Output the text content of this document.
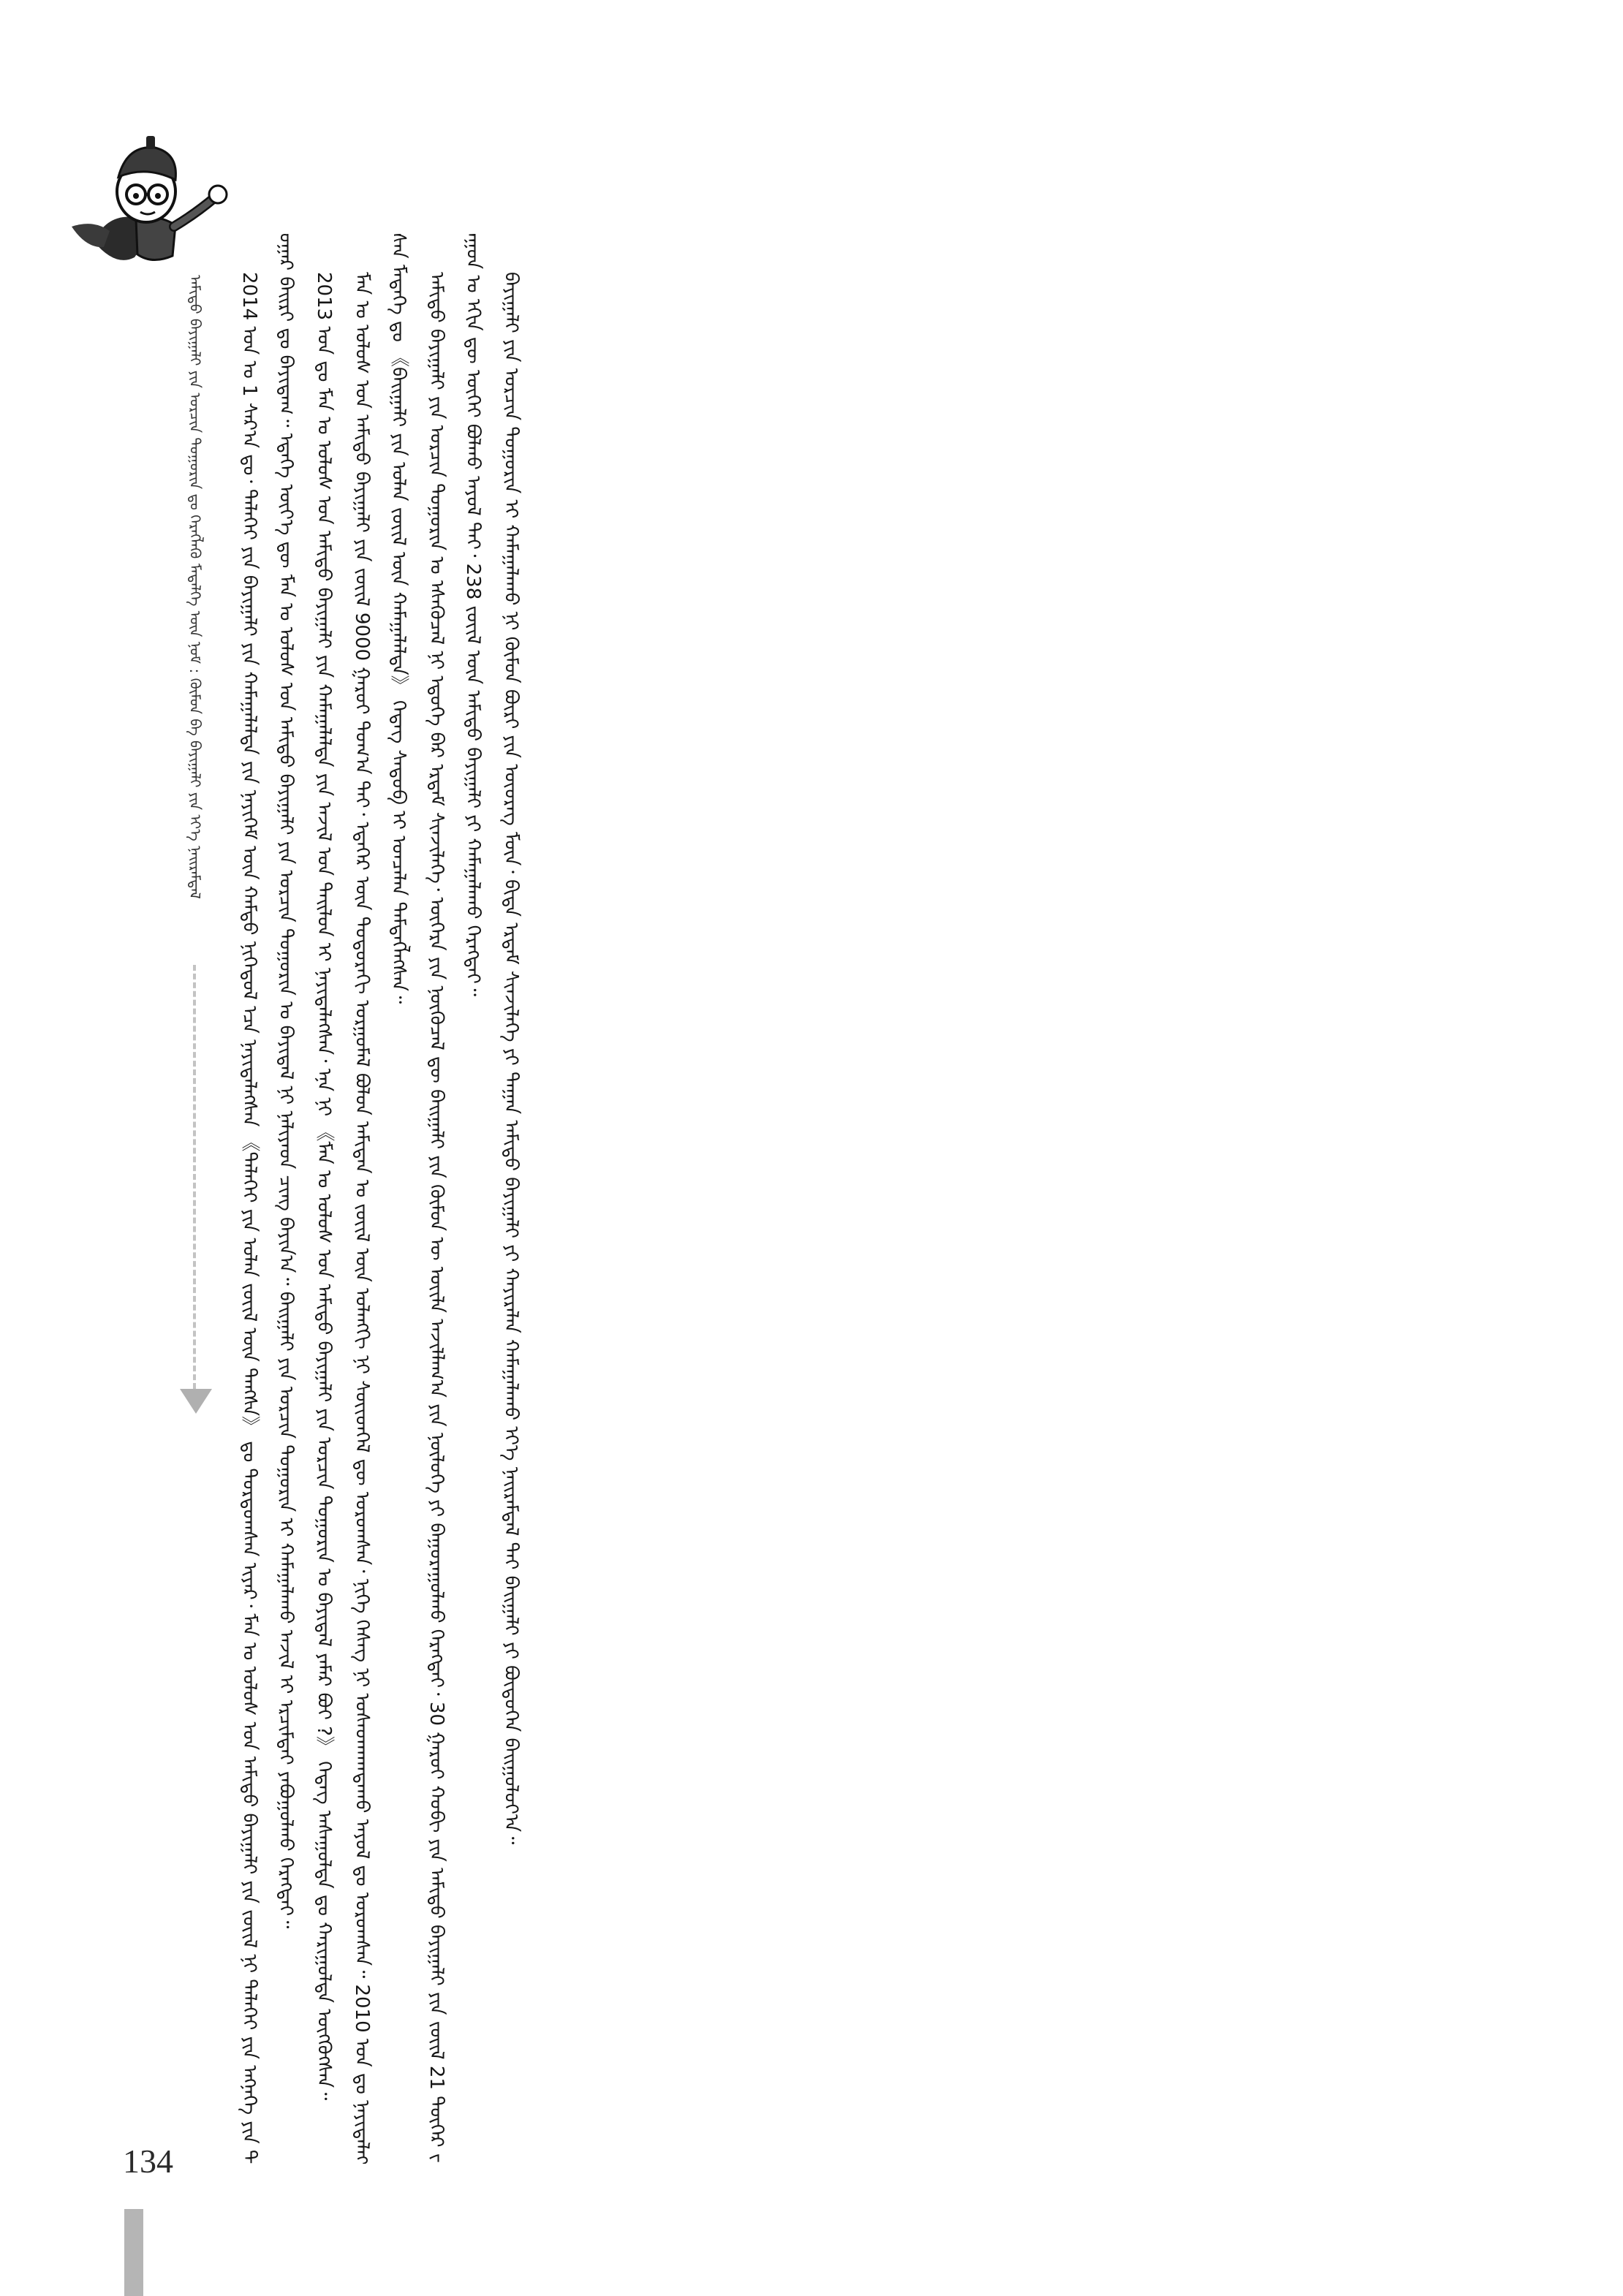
134
ᠠᠮᠢᠳᠤ ᠪᠠᠶᠢᠭᠠᠯᠢ ᠶᠢᠨ ᠣᠷᠴᠢᠨ ᠲᠣᠭᠣᠷᠢᠨ ᠳᠤ ᠬᠡᠷᠡᠭᠯᠡᠬᠦ ᠮᠡᠳᠡᠯᠭᠡ ᠦᠨ ᠨᠣᠮ : ᠬᠦᠮᠦᠨ ᠪᠠ ᠪᠠᠶᠢᠭᠠᠯᠢ ᠶᠢᠨ ᠡᠶ᠎ᠡ ᠨᠠᠢᠷᠠᠮᠳᠠᠯ	2014 ᠣᠨ ᠤ 1 ᠰᠠᠷ᠎ᠠ ᠳᠤ᠂ ᠳᠡᠯᠡᠬᠡᠢ ᠶᠢᠨ ᠪᠠᠶᠢᠭᠠᠯᠢ ᠶᠢᠨ ᠬᠠᠮᠠᠭᠠᠯᠠᠯᠲᠠ ᠶᠢᠨ ᠨᠡᠶᠢᠭᠡᠮ ᠦᠨ ᠬᠠᠮᠲᠤ ᠨᠢᠭᠡᠳᠦᠯ ᠡᠴᠡ ᠨᠡᠶᠢᠲᠡᠯᠡᠭᠰᠡᠨ 《ᠳᠡᠯᠡᠬᠡᠢ ᠶᠢᠨ ᠤᠯᠠᠨ ᠵᠦᠢᠯ ᠦᠨ ᠳᠠᠩᠰᠠ》 ᠳᠤ ᠳᠤᠷᠳᠤᠭᠰᠠᠨ ᠢᠶᠡᠷ᠂ ᠮᠠᠨ ᠤ ᠤᠯᠤᠰ ᠤᠨ ᠠᠮᠢᠳᠤ ᠪᠠᠶᠢᠭᠠᠯᠢ ᠶᠢᠨ ᠵᠦᠢᠯ ᠨᠢ ᠳᠡᠯᠡᠬᠡᠢ ᠶᠢᠨ ᠡᠩᠨᠡᠭᠡ ᠶᠢᠨ ᠳᠤᠭᠠᠷ ᠪᠠᠢᠷᠢ ᠳᠤ ᠪᠠᠶᠢᠳᠠᠭ᠃ ᠡᠳᠡᠭᠡ ᠦᠶ᠎ᠡ ᠳᠦ ᠮᠠᠨ ᠤ ᠤᠯᠤᠰ ᠤᠨ ᠠᠮᠢᠳᠤ ᠪᠠᠶᠢᠭᠠᠯᠢ ᠶᠢᠨ ᠣᠷᠴᠢᠨ ᠲᠣᠭᠣᠷᠢᠨ ᠤ ᠪᠠᠶᠢᠳᠠᠯ ᠨᠢ ᠨᠡᠯᠢᠶᠡᠳ ᠴᠢᠩ ᠪᠠᠶᠢᠨ᠎ᠠ᠃ ᠪᠠᠢᠭᠠᠯᠢ ᠶᠢᠨ ᠣᠷᠴᠢᠨ ᠲᠣᠭᠣᠷᠢᠨ ᠢ ᠬᠠᠮᠠᠭᠠᠯᠠᠬᠤ ᠠᠵᠢᠯ ᠢ ᠡᠷᠴᠢᠮᠲᠡᠢ ᠶᠠᠪᠤᠭᠤᠯᠬᠤ ᠬᠡᠷᠡᠭᠲᠡᠢ᠃ 2013 ᠣᠨ ᠳᠤ ᠮᠠᠨ ᠤ ᠤᠯᠤᠰ ᠤᠨ ᠠᠮᠢᠳᠤ ᠪᠠᠶᠢᠭᠠᠯᠢ ᠶᠢᠨ ᠬᠠᠮᠠᠭᠠᠯᠠᠯᠲᠠ ᠶᠢᠨ ᠠᠵᠢᠯ ᠤᠨ ᠲᠠᠢᠯᠤᠨ ᠢ ᠨᠡᠶᠢᠲᠡᠯᠡᠭᠰᠡᠨ᠂ ᠡᠨᠡ ᠨᠢ 《ᠮᠠᠨ ᠤ ᠤᠯᠤᠰ ᠤᠨ ᠠᠮᠢᠳᠤ ᠪᠠᠶᠢᠭᠠᠯᠢ ᠶᠢᠨ ᠣᠷᠴᠢᠨ ᠲᠣᠭᠣᠷᠢᠨ ᠤ ᠪᠠᠶᠢᠳᠠᠯ ᠶᠠᠮᠠᠷ ᠪᠤᠢ ?》 ᠭᠡᠳᠡᠭ ᠠᠰᠠᠭᠤᠯᠲᠠ ᠳᠤ ᠬᠠᠷᠢᠭᠤᠯᠲᠠ ᠥᠭᠭᠦᠭᠰᠡᠨ᠃ ᠮᠠᠨ ᠤ ᠤᠯᠤᠰ ᠤᠨ ᠠᠮᠢᠳᠤ ᠪᠠᠶᠢᠭᠠᠯᠢ ᠶᠢᠨ ᠵᠦᠢᠯ 9000 ᠭᠠᠷᠤᠢ ᠲᠣᠭ᠎ᠠ ᠲᠠᠢ᠂ ᠡᠳᠡᠭᠡᠷ ᠦᠨ ᠳᠣᠲᠣᠷᠠᠬᠢ ᠤᠷᠭᠤᠮᠠᠯ ᠪᠣᠯᠤᠨ ᠠᠮᠢᠲᠠᠨ ᠤ ᠵᠦᠢᠯ ᠦᠨ ᠣᠯᠠᠩᠬᠢ ᠨᠢ ᠰᠦᠢᠳᠬᠡᠯ ᠳᠦ ᠣᠷᠣᠭᠰᠠᠨ᠂ ᠨᠢᠭᠡ ᠬᠡᠰᠡᠭ ᠨᠢ ᠤᠰᠠᠳᠬᠠᠭᠳᠠᠬᠤ ᠠᠶᠤᠯ ᠳᠤ ᠣᠷᠣᠭᠰᠠᠨ᠃ 2010 ᠣᠨ ᠳᠤ ᠨᠡᠶᠢᠲᠡᠯᠡᠭᠰᠡᠨ ᠮᠡᠳᠡᠭᠡ ᠳᠤ 《ᠪᠠᠢᠭᠠᠯᠢ ᠶᠢᠨ ᠣᠯᠠᠨ ᠵᠦᠢᠯ ᠦᠨ ᠬᠠᠮᠠᠭᠠᠯᠠᠯᠲᠠ》 ᠭᠡᠳᠡᠭ ᠰᠡᠳᠦᠪ ᠢ ᠣᠨᠴᠠᠯᠠᠨ ᠲᠡᠮᠳᠡᠭᠯᠡᠭᠰᠡᠨ᠃ ᠠᠮᠢᠳᠤ ᠪᠠᠶᠢᠭᠠᠯᠢ ᠶᠢᠨ ᠣᠷᠴᠢᠨ ᠲᠣᠭᠣᠷᠢᠨ ᠤ ᠡᠰᠡᠭᠦᠴᠡᠯ ᠨᠢ ᠡᠳᠦᠭᠡ ᠪᠠᠷ ᠡᠷᠳᠡᠮ ᠰᠢᠨᠵᠢᠯᠡᠭᠡ᠂ ᠥᠭᠡᠷᠡ ᠶᠢᠨ ᠨᠥᠬᠦᠴᠡᠯ ᠳᠦ ᠪᠠᠢᠭᠠᠯᠢ ᠶᠢᠨ ᠬᠦᠮᠦᠨ ᠦ ᠦᠢᠯᠡ ᠠᠵᠢᠯᠯᠠᠭ᠎ᠠ ᠶᠢᠨ ᠨᠥᠯᠦᠭᠡ ᠶᠢ ᠪᠠᠭᠤᠷᠠᠭᠤᠯᠬᠤ ᠬᠡᠷᠡᠭᠲᠡᠢ᠂ 30 ᠭᠠᠷᠤᠢ ᠬᠤᠪᠢ ᠶᠢᠨ ᠠᠮᠢᠳᠤ ᠪᠠᠶᠢᠭᠠᠯᠢ ᠶᠢᠨ ᠵᠦᠢᠯ 21 ᠳᠦᠭᠡᠷ ᠵᠠᠭᠤᠨ ᠤ ᠡᠬᠢᠨ ᠳᠦ ᠦᠭᠡᠢ ᠪᠣᠯᠬᠤ ᠠᠶᠤᠯ ᠲᠠᠢ᠂ 238 ᠵᠦᠢᠯ ᠦᠨ ᠠᠮᠢᠳᠤ ᠪᠠᠶᠢᠭᠠᠯᠢ ᠶᠢ ᠬᠠᠮᠠᠭᠠᠯᠠᠬᠤ ᠬᠡᠷᠡᠭᠲᠡᠢ᠃ ᠪᠠᠶᠢᠭᠠᠯᠢ ᠶᠢᠨ ᠣᠷᠴᠢᠨ ᠲᠣᠭᠣᠷᠢᠨ ᠢ ᠬᠠᠮᠠᠭᠠᠯᠠᠬᠤ ᠨᠢ ᠬᠦᠮᠦᠨ ᠪᠦᠷᠢ ᠶᠢᠨ ᠦᠦᠷᠡᠭ ᠮᠥᠨ᠂ ᠪᠢᠳᠡ ᠡᠷᠳᠡᠮ ᠰᠢᠨᠵᠢᠯᠡᠭᠡ ᠶᠢ ᠳᠠᠭᠠᠨ ᠠᠮᠢᠳᠤ ᠪᠠᠶᠢᠭᠠᠯᠢ ᠶᠢ ᠬᠠᠶᠢᠷᠠᠯᠠᠨ ᠬᠠᠮᠠᠭᠠᠯᠠᠬᠤ ᠡᠶ᠎ᠡ ᠨᠠᠢᠷᠠᠮᠳᠠᠯ ᠲᠠᠢ ᠪᠠᠢᠭᠠᠯᠢ ᠶᠢ ᠪᠦᠲᠦᠭᠡᠨ ᠪᠠᠢᠭᠤᠯᠤᠶ᠎ᠠ᠃
